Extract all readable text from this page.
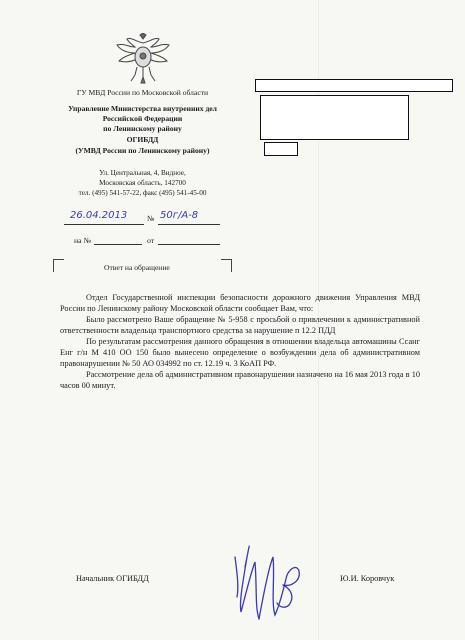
ГУ МВД России по Московской области
Управление Министерства внутренних дел
Российской Федерации
по Ленинскому району
ОГИБДД
(УМВД России по Ленинскому району)
Ул. Центральная, 4, Видное,
Московская область, 142700
тел. (495) 541-57-22, факс (495) 541-45-00
26.04.2013	№ 50г/А-8
на №	от
Ответ на обращение

Отдел Государственной инспекции безопасности дорожного движения Управления МВД России по Ленинскому району Московской области сообщает Вам, что:

Было рассмотрено Ваше обращение № 5-958 с просьбой о привлечении к административной ответственности владельца транспортного средства за нарушение п 12.2 ПДД

По результатам рассмотрения данного обращения в отношении владельца автомашины Ссанг Енг г/н М 410 ОО 150 было вынесено определение о возбуждении дела об административном правонарушении № 50 АО 034992 по ст. 12.19 ч. 3 КоАП РФ.

Рассмотрение дела об административном правонарушении назначено на 16 мая 2013 года в 10 часов 00 минут.

Начальник ОГИБДД	Ю.И. Коровчук
